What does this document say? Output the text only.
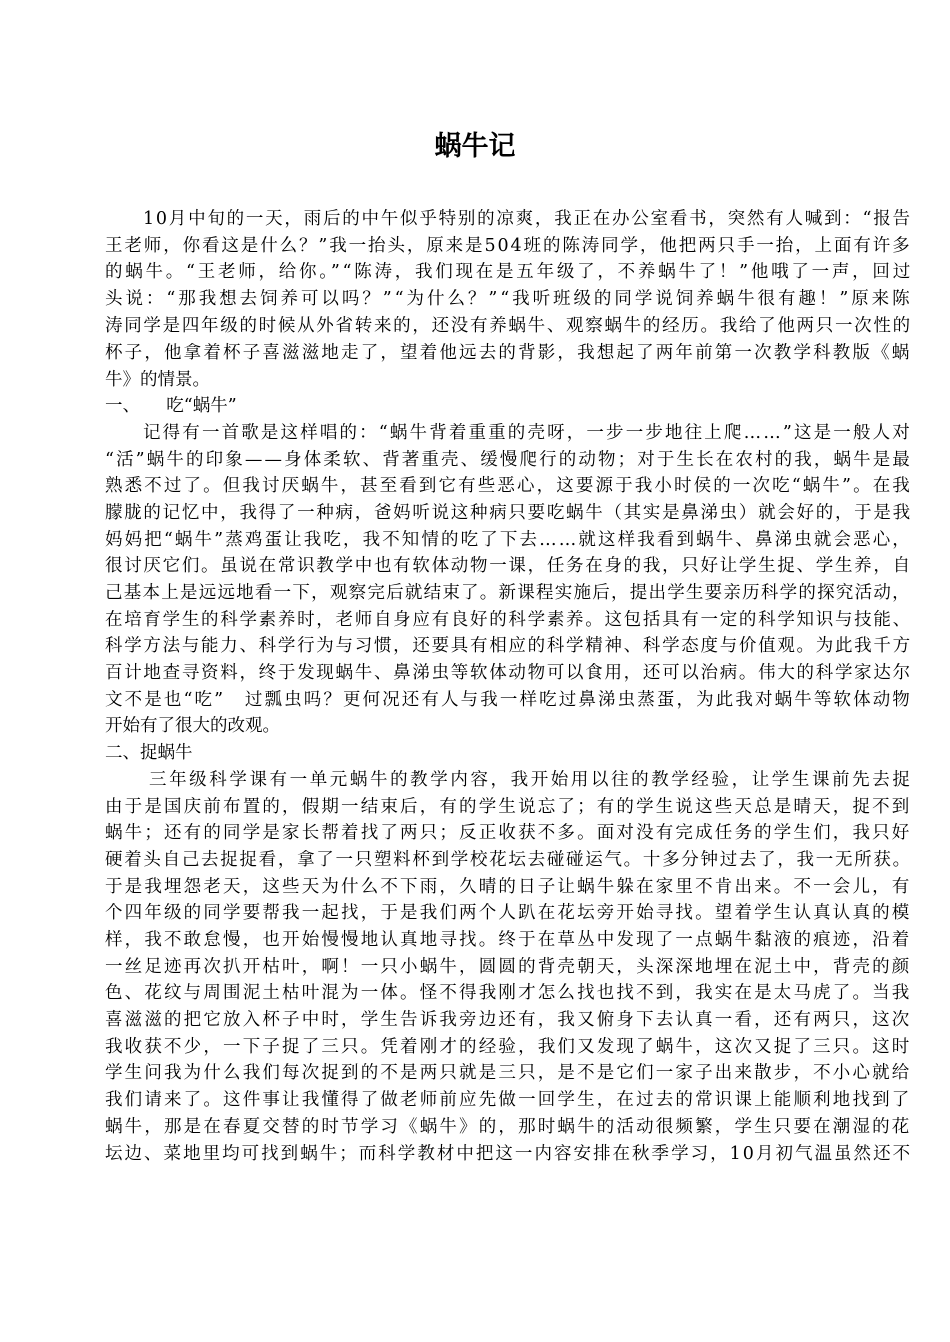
蜗牛记

10月中旬的一天，雨后的中午似乎特别的凉爽，我正在办公室看书，突然有人喊到：“报告

王老师，你看这是什么？”我一抬头，原来是504班的陈涛同学，他把两只手一抬，上面有许多

的蜗牛。“王老师，给你。”“陈涛，我们现在是五年级了，不养蜗牛了！”他哦了一声，回过

头说：“那我想去饲养可以吗？”“为什么？”“我听班级的同学说饲养蜗牛很有趣！”原来陈

涛同学是四年级的时候从外省转来的，还没有养蜗牛、观察蜗牛的经历。我给了他两只一次性的

杯子，他拿着杯子喜滋滋地走了，望着他远去的背影，我想起了两年前第一次教学科教版《蜗

牛》的情景。

一、　　吃“蜗牛”

记得有一首歌是这样唱的：“蜗牛背着重重的壳呀，一步一步地往上爬……”这是一般人对

“活”蜗牛的印象——身体柔软、背著重壳、缓慢爬行的动物；对于生长在农村的我，蜗牛是最

熟悉不过了。但我讨厌蜗牛，甚至看到它有些恶心，这要源于我小时侯的一次吃“蜗牛”。在我

朦胧的记忆中，我得了一种病，爸妈听说这种病只要吃蜗牛（其实是鼻涕虫）就会好的，于是我

妈妈把“蜗牛”蒸鸡蛋让我吃，我不知情的吃了下去……就这样我看到蜗牛、鼻涕虫就会恶心，

很讨厌它们。虽说在常识教学中也有软体动物一课，任务在身的我，只好让学生捉、学生养，自

己基本上是远远地看一下，观察完后就结束了。新课程实施后，提出学生要亲历科学的探究活动，

在培育学生的科学素养时，老师自身应有良好的科学素养。这包括具有一定的科学知识与技能、

科学方法与能力、科学行为与习惯，还要具有相应的科学精神、科学态度与价值观。为此我千方

百计地查寻资料，终于发现蜗牛、鼻涕虫等软体动物可以食用，还可以治病。伟大的科学家达尔

文不是也“吃”　过瓢虫吗？更何况还有人与我一样吃过鼻涕虫蒸蛋，为此我对蜗牛等软体动物

开始有了很大的改观。

二、捉蜗牛

三年级科学课有一单元蜗牛的教学内容，我开始用以往的教学经验，让学生课前先去捉

由于是国庆前布置的，假期一结束后，有的学生说忘了；有的学生说这些天总是晴天，捉不到

蜗牛；还有的同学是家长帮着找了两只；反正收获不多。面对没有完成任务的学生们，我只好

硬着头自己去捉捉看，拿了一只塑料杯到学校花坛去碰碰运气。十多分钟过去了，我一无所获。

于是我埋怨老天，这些天为什么不下雨，久晴的日子让蜗牛躲在家里不肯出来。不一会儿，有

个四年级的同学要帮我一起找，于是我们两个人趴在花坛旁开始寻找。望着学生认真认真的模

样，我不敢怠慢，也开始慢慢地认真地寻找。终于在草丛中发现了一点蜗牛黏液的痕迹，沿着

一丝足迹再次扒开枯叶，啊！一只小蜗牛，圆圆的背壳朝天，头深深地埋在泥土中，背壳的颜

色、花纹与周围泥土枯叶混为一体。怪不得我刚才怎么找也找不到，我实在是太马虎了。当我

喜滋滋的把它放入杯子中时，学生告诉我旁边还有，我又俯身下去认真一看，还有两只，这次

我收获不少，一下子捉了三只。凭着刚才的经验，我们又发现了蜗牛，这次又捉了三只。这时

学生问我为什么我们每次捉到的不是两只就是三只，是不是它们一家子出来散步，不小心就给

我们请来了。这件事让我懂得了做老师前应先做一回学生，在过去的常识课上能顺利地找到了

蜗牛，那是在春夏交替的时节学习《蜗牛》的，那时蜗牛的活动很频繁，学生只要在潮湿的花

坛边、菜地里均可找到蜗牛；而科学教材中把这一内容安排在秋季学习，10月初气温虽然还不
